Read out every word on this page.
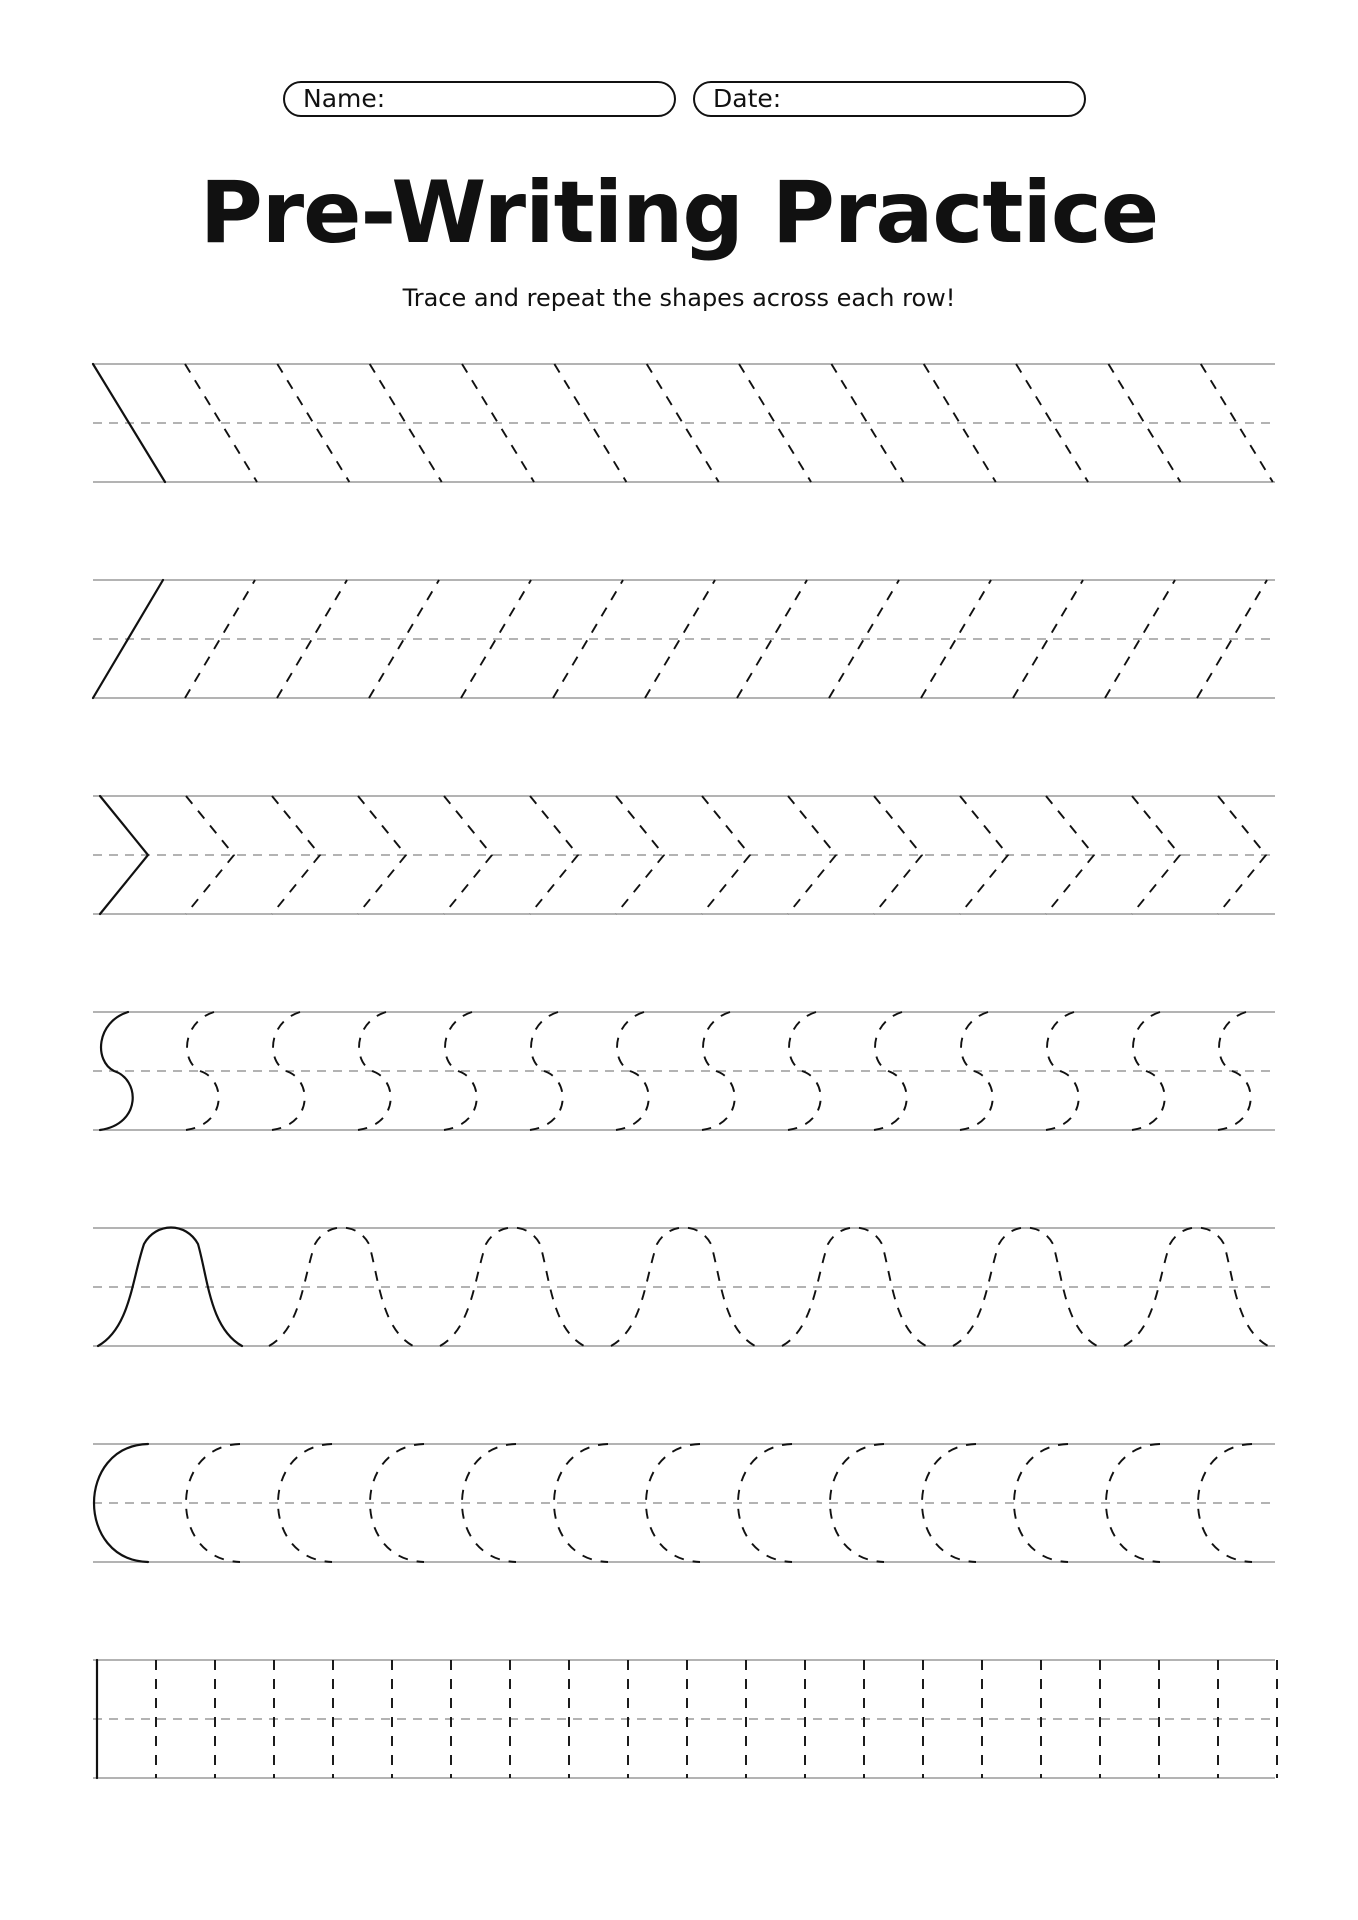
Name:	Date:
Pre-Writing Practice
Trace and repeat the shapes across each row!
